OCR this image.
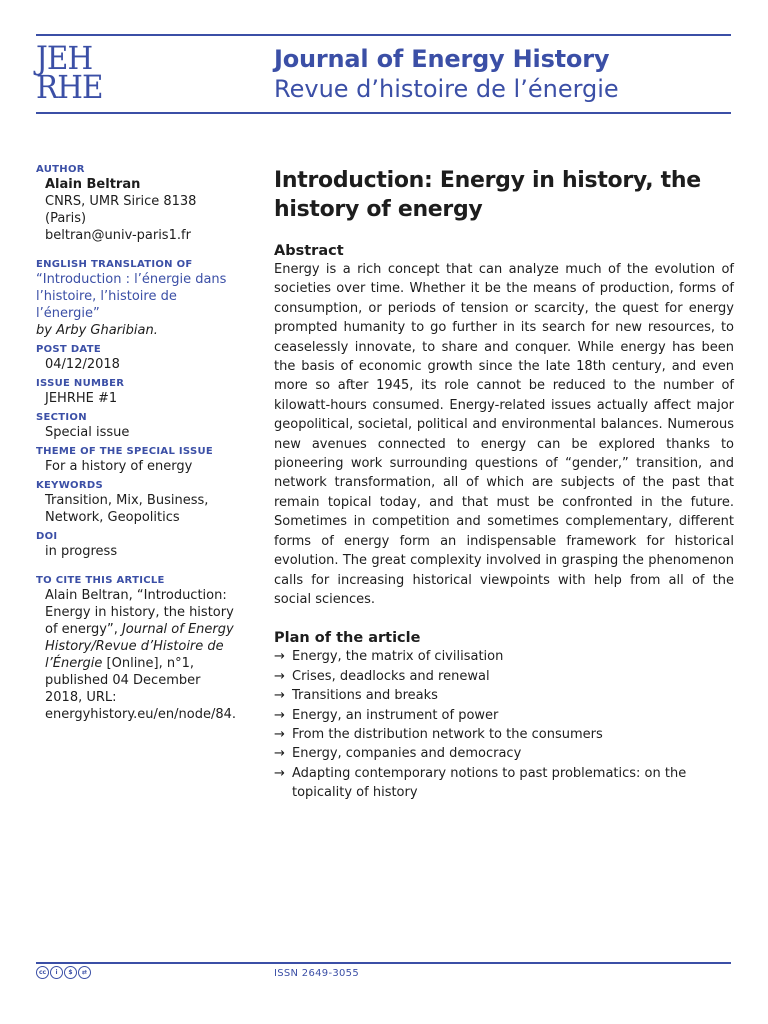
JEH
RHE
Journal of Energy History
Revue d’histoire de l’énergie
AUTHOR
Alain Beltran
CNRS, UMR Sirice 8138 (Paris)
beltran@univ-paris1.fr
ENGLISH TRANSLATION OF
“Introduction : l’énergie dans l’histoire, l’histoire de l’énergie”
by Arby Gharibian.
POST DATE
04/12/2018
ISSUE NUMBER
JEHRHE #1
SECTION
Special issue
THEME OF THE SPECIAL ISSUE
For a history of energy
KEYWORDS
Transition, Mix, Business, Network, Geopolitics
DOI
in progress
TO CITE THIS ARTICLE
Alain Beltran, “Introduction: Energy in history, the history of energy”, Journal of Energy History/Revue d’Histoire de l’Énergie [Online], n°1, published 04 December 2018, URL: energyhistory.eu/en/node/84.
Introduction: Energy in history, the history of energy
Abstract

Energy is a rich concept that can analyze much of the evolution of societies over time. Whether it be the means of production, forms of consumption, or periods of tension or scarcity, the quest for energy prompted humanity to go further in its search for new resources, to ceaselessly innovate, to share and conquer. While energy has been the basis of economic growth since the late 18th century, and even more so after 1945, its role cannot be reduced to the number of kilowatt-hours consumed. Energy-related issues actually affect major geopolitical, societal, political and environmental balances. Numerous new avenues connected to energy can be explored thanks to pioneering work surrounding questions of “gender,” transition, and network transformation, all of which are subjects of the past that remain topical today, and that must be confronted in the future. Sometimes in competition and sometimes complementary, different forms of energy form an indispensable framework for historical evolution. The great complexity involved in grasping the phenomenon calls for increasing historical viewpoints with help from all of the social sciences.

Plan of the article
→ Energy, the matrix of civilisation
→ Crises, deadlocks and renewal
→ Transitions and breaks
→ Energy, an instrument of power
→ From the distribution network to the consumers
→ Energy, companies and democracy
→ Adapting contemporary notions to past problematics: on the topicality of history
cc	i	$	⇄	ISSN 2649-3055
